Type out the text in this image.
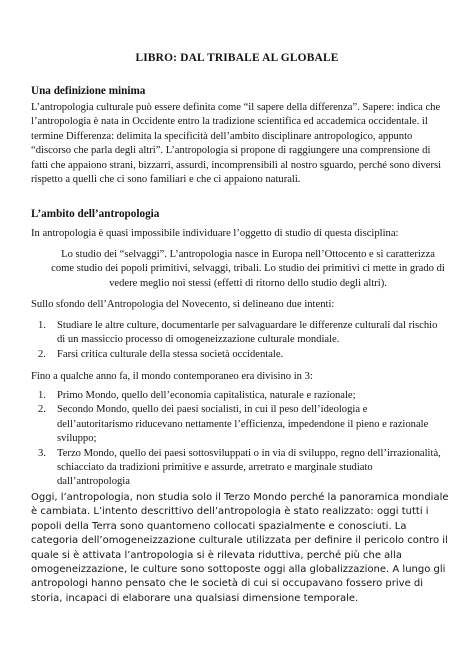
LIBRO: DAL TRIBALE AL GLOBALE
Una definizione minima
L’antropologia culturale può essere definita come “il sapere della differenza”. Sapere: indica che l’antropologia è nata in Occidente entro la tradizione scientifica ed accademica occidentale. il termine Differenza: delimita la specificità dell’ambito disciplinare antropologico, appunto “discorso che parla degli altri”. L’antropologia si propone di raggiungere una comprensione di fatti che appaiono strani, bizzarri, assurdi, incomprensibili al nostro sguardo, perché sono diversi rispetto a quelli che ci sono familiari e che ci appaiono naturali.
L’ambito dell’antropologia
In antropologia è quasi impossibile individuare l’oggetto di studio di questa disciplina:
Lo studio dei “selvaggi”. L’antropologia nasce in Europa nell’Ottocento e si caratterizza come studio dei popoli primitivi, selvaggi, tribali. Lo studio dei primitivi ci mette in grado di vedere meglio noi stessi (effetti di ritorno dello studio degli altri).
Sullo sfondo dell’Antropologia del Novecento, si delineano due intenti:
1. Studiare le altre culture, documentarle per salvaguardare le differenze culturali dal rischio di un massiccio processo di omogeneizzazione culturale mondiale.
2. Farsi critica culturale della stessa società occidentale.
Fino a qualche anno fa, il mondo contemporaneo era divisino in 3:
1. Primo Mondo, quello dell’economia capitalistica, naturale e razionale;
2. Secondo Mondo, quello dei paesi socialisti, in cui il peso dell’ideologia e dell’autoritarismo riducevano nettamente l’efficienza, impedendone il pieno e razionale sviluppo;
3. Terzo Mondo, quello dei paesi sottosviluppati o in via di sviluppo, regno dell’irrazionalità, schiacciato da tradizioni primitive e assurde, arretrato e marginale studiato dall’antropologia
Oggi, l’antropologia, non studia solo il Terzo Mondo perché la panoramica mondiale è cambiata. L’intento descrittivo dell’antropologia è stato realizzato: oggi tutti i popoli della Terra sono quantomeno collocati spazialmente e conosciuti. La categoria dell’omogeneizzazione culturale utilizzata per definire il pericolo contro il quale si è attivata l’antropologia si è rilevata riduttiva, perché più che alla omogeneizzazione, le culture sono sottoposte oggi alla globalizzazione. A lungo gli antropologi hanno pensato che le società di cui si occupavano fossero prive di storia, incapaci di elaborare una qualsiasi dimensione temporale.
